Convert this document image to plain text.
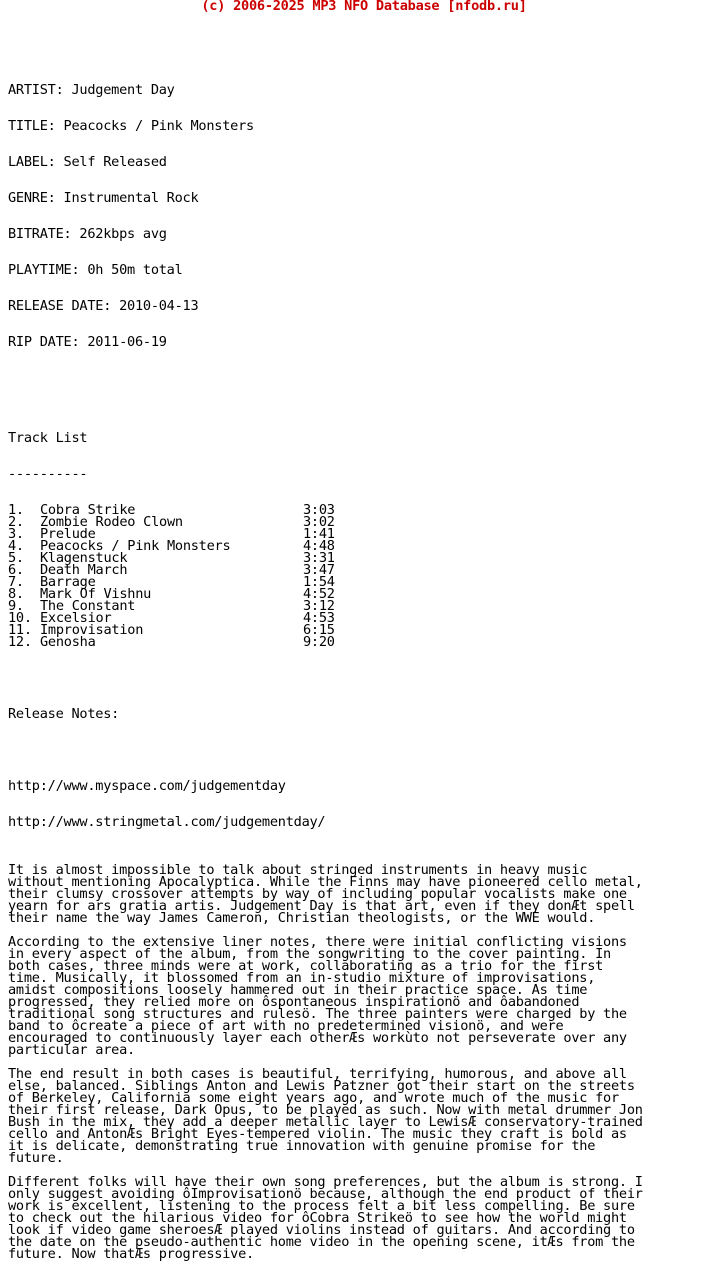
(c) 2006-2025 MP3 NFO Database [nfodb.ru]

ARTIST: Judgement Day

TITLE: Peacocks / Pink Monsters

LABEL: Self Released

GENRE: Instrumental Rock

BITRATE: 262kbps avg

PLAYTIME: 0h 50m total

RELEASE DATE: 2010-04-13

RIP DATE: 2011-06-19

Track List

----------

1. Cobra Strike	3:03
2. Zombie Rodeo Clown	3:02
3. Prelude	1:41
4. Peacocks / Pink Monsters	4:48
5. Klagenstuck	3:31
6. Death March	3:47
7. Barrage	1:54
8. Mark Of Vishnu	4:52
9. The Constant	3:12
10. Excelsior	4:53
11. Improvisation	6:15
12. Genosha	9:20

Release Notes:

http://www.myspace.com/judgementday

http://www.stringmetal.com/judgementday/

It is almost impossible to talk about stringed instruments in heavy music
without mentioning Apocalyptica. While the Finns may have pioneered cello metal,
their clumsy crossover attempts by way of including popular vocalists make one
yearn for ars gratia artis. Judgement Day is that art, even if they donÆt spell
their name the way James Cameron, Christian theologists, or the WWE would.

According to the extensive liner notes, there were initial conflicting visions
in every aspect of the album, from the songwriting to the cover painting. In
both cases, three minds were at work, collaborating as a trio for the first
time. Musically, it blossomed from an in-studio mixture of improvisations,
amidst compositions loosely hammered out in their practice space. As time
progressed, they relied more on ôspontaneous inspirationö and ôabandoned
traditional song structures and rulesö. The three painters were charged by the
band to ôcreate a piece of art with no predetermined visionö, and were
encouraged to continuously layer each otherÆs workùto not perseverate over any
particular area.

The end result in both cases is beautiful, terrifying, humorous, and above all
else, balanced. Siblings Anton and Lewis Patzner got their start on the streets
of Berkeley, California some eight years ago, and wrote much of the music for
their first release, Dark Opus, to be played as such. Now with metal drummer Jon
Bush in the mix, they add a deeper metallic layer to LewisÆ conservatory-trained
cello and AntonÆs Bright Eyes-tempered violin. The music they craft is bold as
it is delicate, demonstrating true innovation with genuine promise for the
future.

Different folks will have their own song preferences, but the album is strong. I
only suggest avoiding ôImprovisationö because, although the end product of their
work is excellent, listening to the process felt a bit less compelling. Be sure
to check out the hilarious video for ôCobra Strikeö to see how the world might
look if video game sheroesÆ played violins instead of guitars. And according to
the date on the pseudo-authentic home video in the opening scene, itÆs from the
future. Now thatÆs progressive.
